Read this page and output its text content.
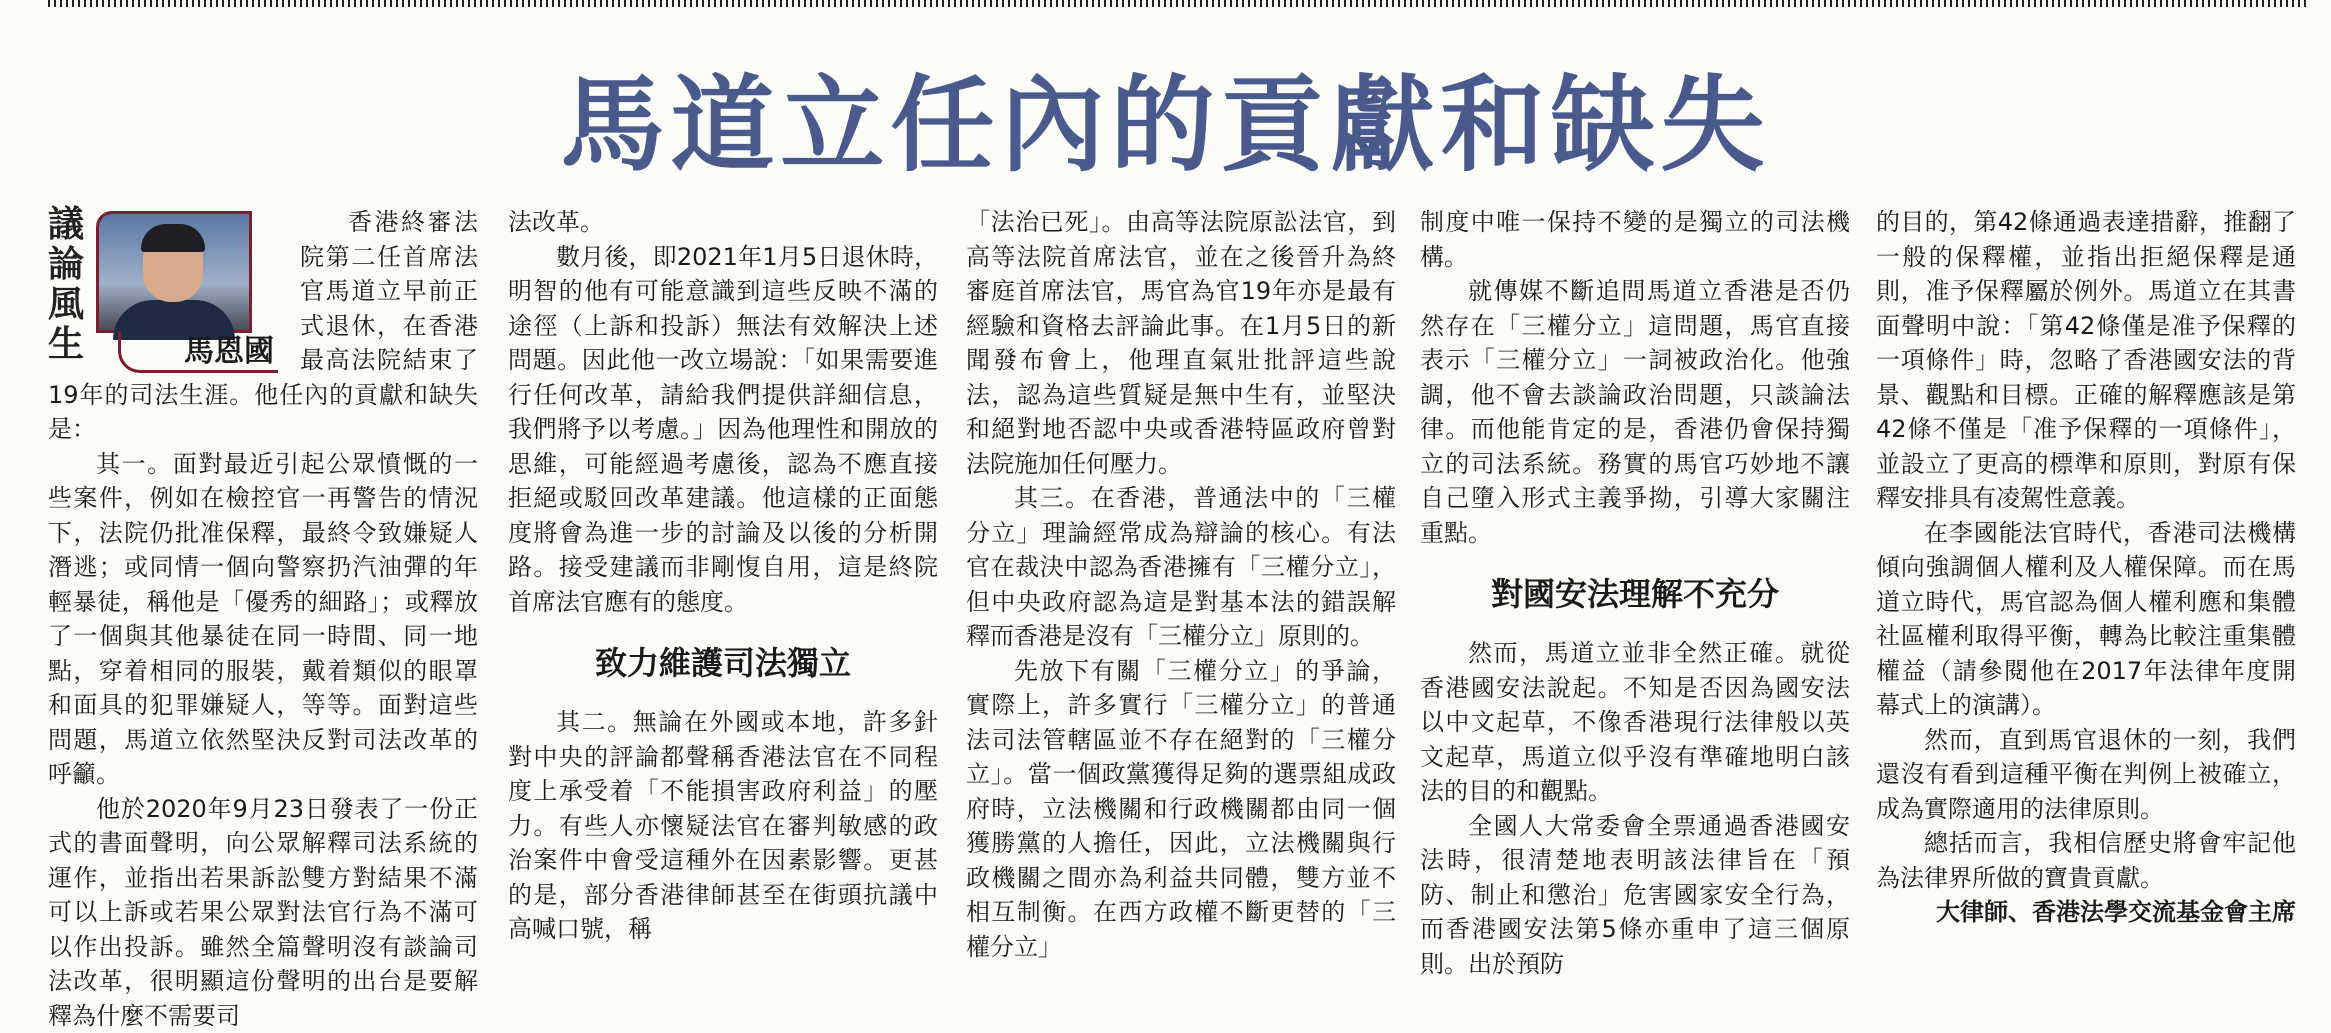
馬道立任內的貢獻和缺失
議論風生	馬恩國

香港終審法院第二任首席法官馬道立早前正式退休，在香港最高法院結束了19年的司法生涯。他任內的貢獻和缺失是：

其一。面對最近引起公眾憤慨的一些案件，例如在檢控官一再警告的情況下，法院仍批准保釋，最終令致嫌疑人潛逃；或同情一個向警察扔汽油彈的年輕暴徒，稱他是「優秀的細路」；或釋放了一個與其他暴徒在同一時間、同一地點，穿着相同的服裝，戴着類似的眼罩和面具的犯罪嫌疑人，等等。面對這些問題，馬道立依然堅決反對司法改革的呼籲。

他於2020年9月23日發表了一份正式的書面聲明，向公眾解釋司法系統的運作，並指出若果訴訟雙方對結果不滿可以上訴或若果公眾對法官行為不滿可以作出投訴。雖然全篇聲明沒有談論司法改革，很明顯這份聲明的出台是要解釋為什麼不需要司

法改革。

數月後，即2021年1月5日退休時，明智的他有可能意識到這些反映不滿的途徑（上訴和投訴）無法有效解決上述問題。因此他一改立場說：「如果需要進行任何改革，請給我們提供詳細信息，我們將予以考慮。」因為他理性和開放的思維，可能經過考慮後，認為不應直接拒絕或駁回改革建議。他這樣的正面態度將會為進一步的討論及以後的分析開路。接受建議而非剛愎自用，這是終院首席法官應有的態度。

致力維護司法獨立

其二。無論在外國或本地，許多針對中央的評論都聲稱香港法官在不同程度上承受着「不能損害政府利益」的壓力。有些人亦懷疑法官在審判敏感的政治案件中會受這種外在因素影響。更甚的是，部分香港律師甚至在街頭抗議中高喊口號，稱

「法治已死」。由高等法院原訟法官，到高等法院首席法官，並在之後晉升為終審庭首席法官，馬官為官19年亦是最有經驗和資格去評論此事。在1月5日的新聞發布會上，他理直氣壯批評這些說法，認為這些質疑是無中生有，並堅決和絕對地否認中央或香港特區政府曾對法院施加任何壓力。

其三。在香港，普通法中的「三權分立」理論經常成為辯論的核心。有法官在裁決中認為香港擁有「三權分立」，但中央政府認為這是對基本法的錯誤解釋而香港是沒有「三權分立」原則的。

先放下有關「三權分立」的爭論，實際上，許多實行「三權分立」的普通法司法管轄區並不存在絕對的「三權分立」。當一個政黨獲得足夠的選票組成政府時，立法機關和行政機關都由同一個獲勝黨的人擔任，因此，立法機關與行政機關之間亦為利益共同體，雙方並不相互制衡。在西方政權不斷更替的「三權分立」

制度中唯一保持不變的是獨立的司法機構。

就傳媒不斷追問馬道立香港是否仍然存在「三權分立」這問題，馬官直接表示「三權分立」一詞被政治化。他強調，他不會去談論政治問題，只談論法律。而他能肯定的是，香港仍會保持獨立的司法系統。務實的馬官巧妙地不讓自己墮入形式主義爭拗，引導大家關注重點。

對國安法理解不充分

然而，馬道立並非全然正確。就從香港國安法說起。不知是否因為國安法以中文起草，不像香港現行法律般以英文起草，馬道立似乎沒有準確地明白該法的目的和觀點。

全國人大常委會全票通過香港國安法時，很清楚地表明該法律旨在「預防、制止和懲治」危害國家安全行為，而香港國安法第5條亦重申了這三個原則。出於預防

的目的，第42條通過表達措辭，推翻了一般的保釋權，並指出拒絕保釋是通則，准予保釋屬於例外。馬道立在其書面聲明中說：「第42條僅是准予保釋的一項條件」時，忽略了香港國安法的背景、觀點和目標。正確的解釋應該是第42條不僅是「准予保釋的一項條件」，並設立了更高的標準和原則，對原有保釋安排具有凌駕性意義。

在李國能法官時代，香港司法機構傾向強調個人權利及人權保障。而在馬道立時代，馬官認為個人權利應和集體社區權利取得平衡，轉為比較注重集體權益（請參閱他在2017年法律年度開幕式上的演講）。

然而，直到馬官退休的一刻，我們還沒有看到這種平衡在判例上被確立，成為實際適用的法律原則。

總括而言，我相信歷史將會牢記他為法律界所做的寶貴貢獻。

大律師、香港法學交流基金會主席
